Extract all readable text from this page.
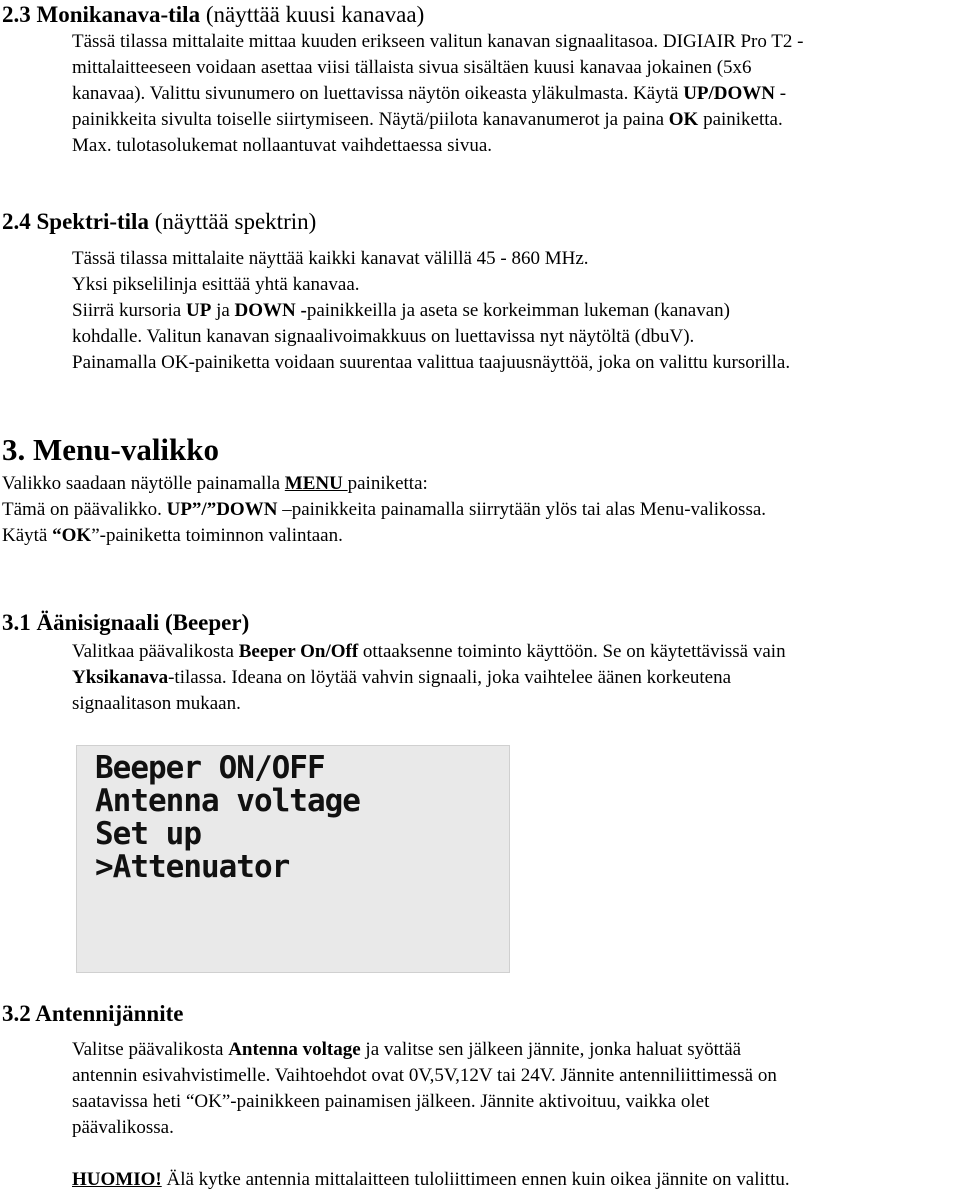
2.3 Monikanava-tila (näyttää kuusi kanavaa)
Tässä tilassa mittalaite mittaa kuuden erikseen valitun kanavan signaalitasoa. DIGIAIR Pro T2 -
mittalaitteeseen voidaan asettaa viisi tällaista sivua sisältäen kuusi kanavaa jokainen (5x6
kanavaa). Valittu sivunumero on luettavissa näytön oikeasta yläkulmasta. Käytä UP/DOWN -
painikkeita sivulta toiselle siirtymiseen. Näytä/piilota kanavanumerot ja paina OK painiketta.
Max. tulotasolukemat nollaantuvat vaihdettaessa sivua.
2.4 Spektri-tila (näyttää spektrin)
Tässä tilassa mittalaite näyttää kaikki kanavat välillä 45 - 860 MHz.
Yksi pikselilinja esittää yhtä kanavaa.
Siirrä kursoria UP ja DOWN -painikkeilla ja aseta se korkeimman lukeman (kanavan)
kohdalle. Valitun kanavan signaalivoimakkuus on luettavissa nyt näytöltä (dbuV).
Painamalla OK-painiketta voidaan suurentaa valittua taajuusnäyttöä, joka on valittu kursorilla.
3. Menu-valikko
Valikko saadaan näytölle painamalla MENU painiketta:
Tämä on päävalikko. UP”/”DOWN –painikkeita painamalla siirrytään ylös tai alas Menu-valikossa.
Käytä “OK”-painiketta toiminnon valintaan.
3.1 Äänisignaali (Beeper)
Valitkaa päävalikosta Beeper On/Off ottaaksenne toiminto käyttöön. Se on käytettävissä vain
Yksikanava-tilassa. Ideana on löytää vahvin signaali, joka vaihtelee äänen korkeutena
signaalitason mukaan.
Beeper ON/OFF
Antenna voltage
Set up
>Attenuator
3.2 Antennijännite
Valitse päävalikosta Antenna voltage ja valitse sen jälkeen jännite, jonka haluat syöttää
antennin esivahvistimelle. Vaihtoehdot ovat 0V,5V,12V tai 24V. Jännite antenniliittimessä on
saatavissa heti “OK”-painikkeen painamisen jälkeen. Jännite aktivoituu, vaikka olet
päävalikossa.
HUOMIO! Älä kytke antennia mittalaitteen tuloliittimeen ennen kuin oikea jännite on valittu.
